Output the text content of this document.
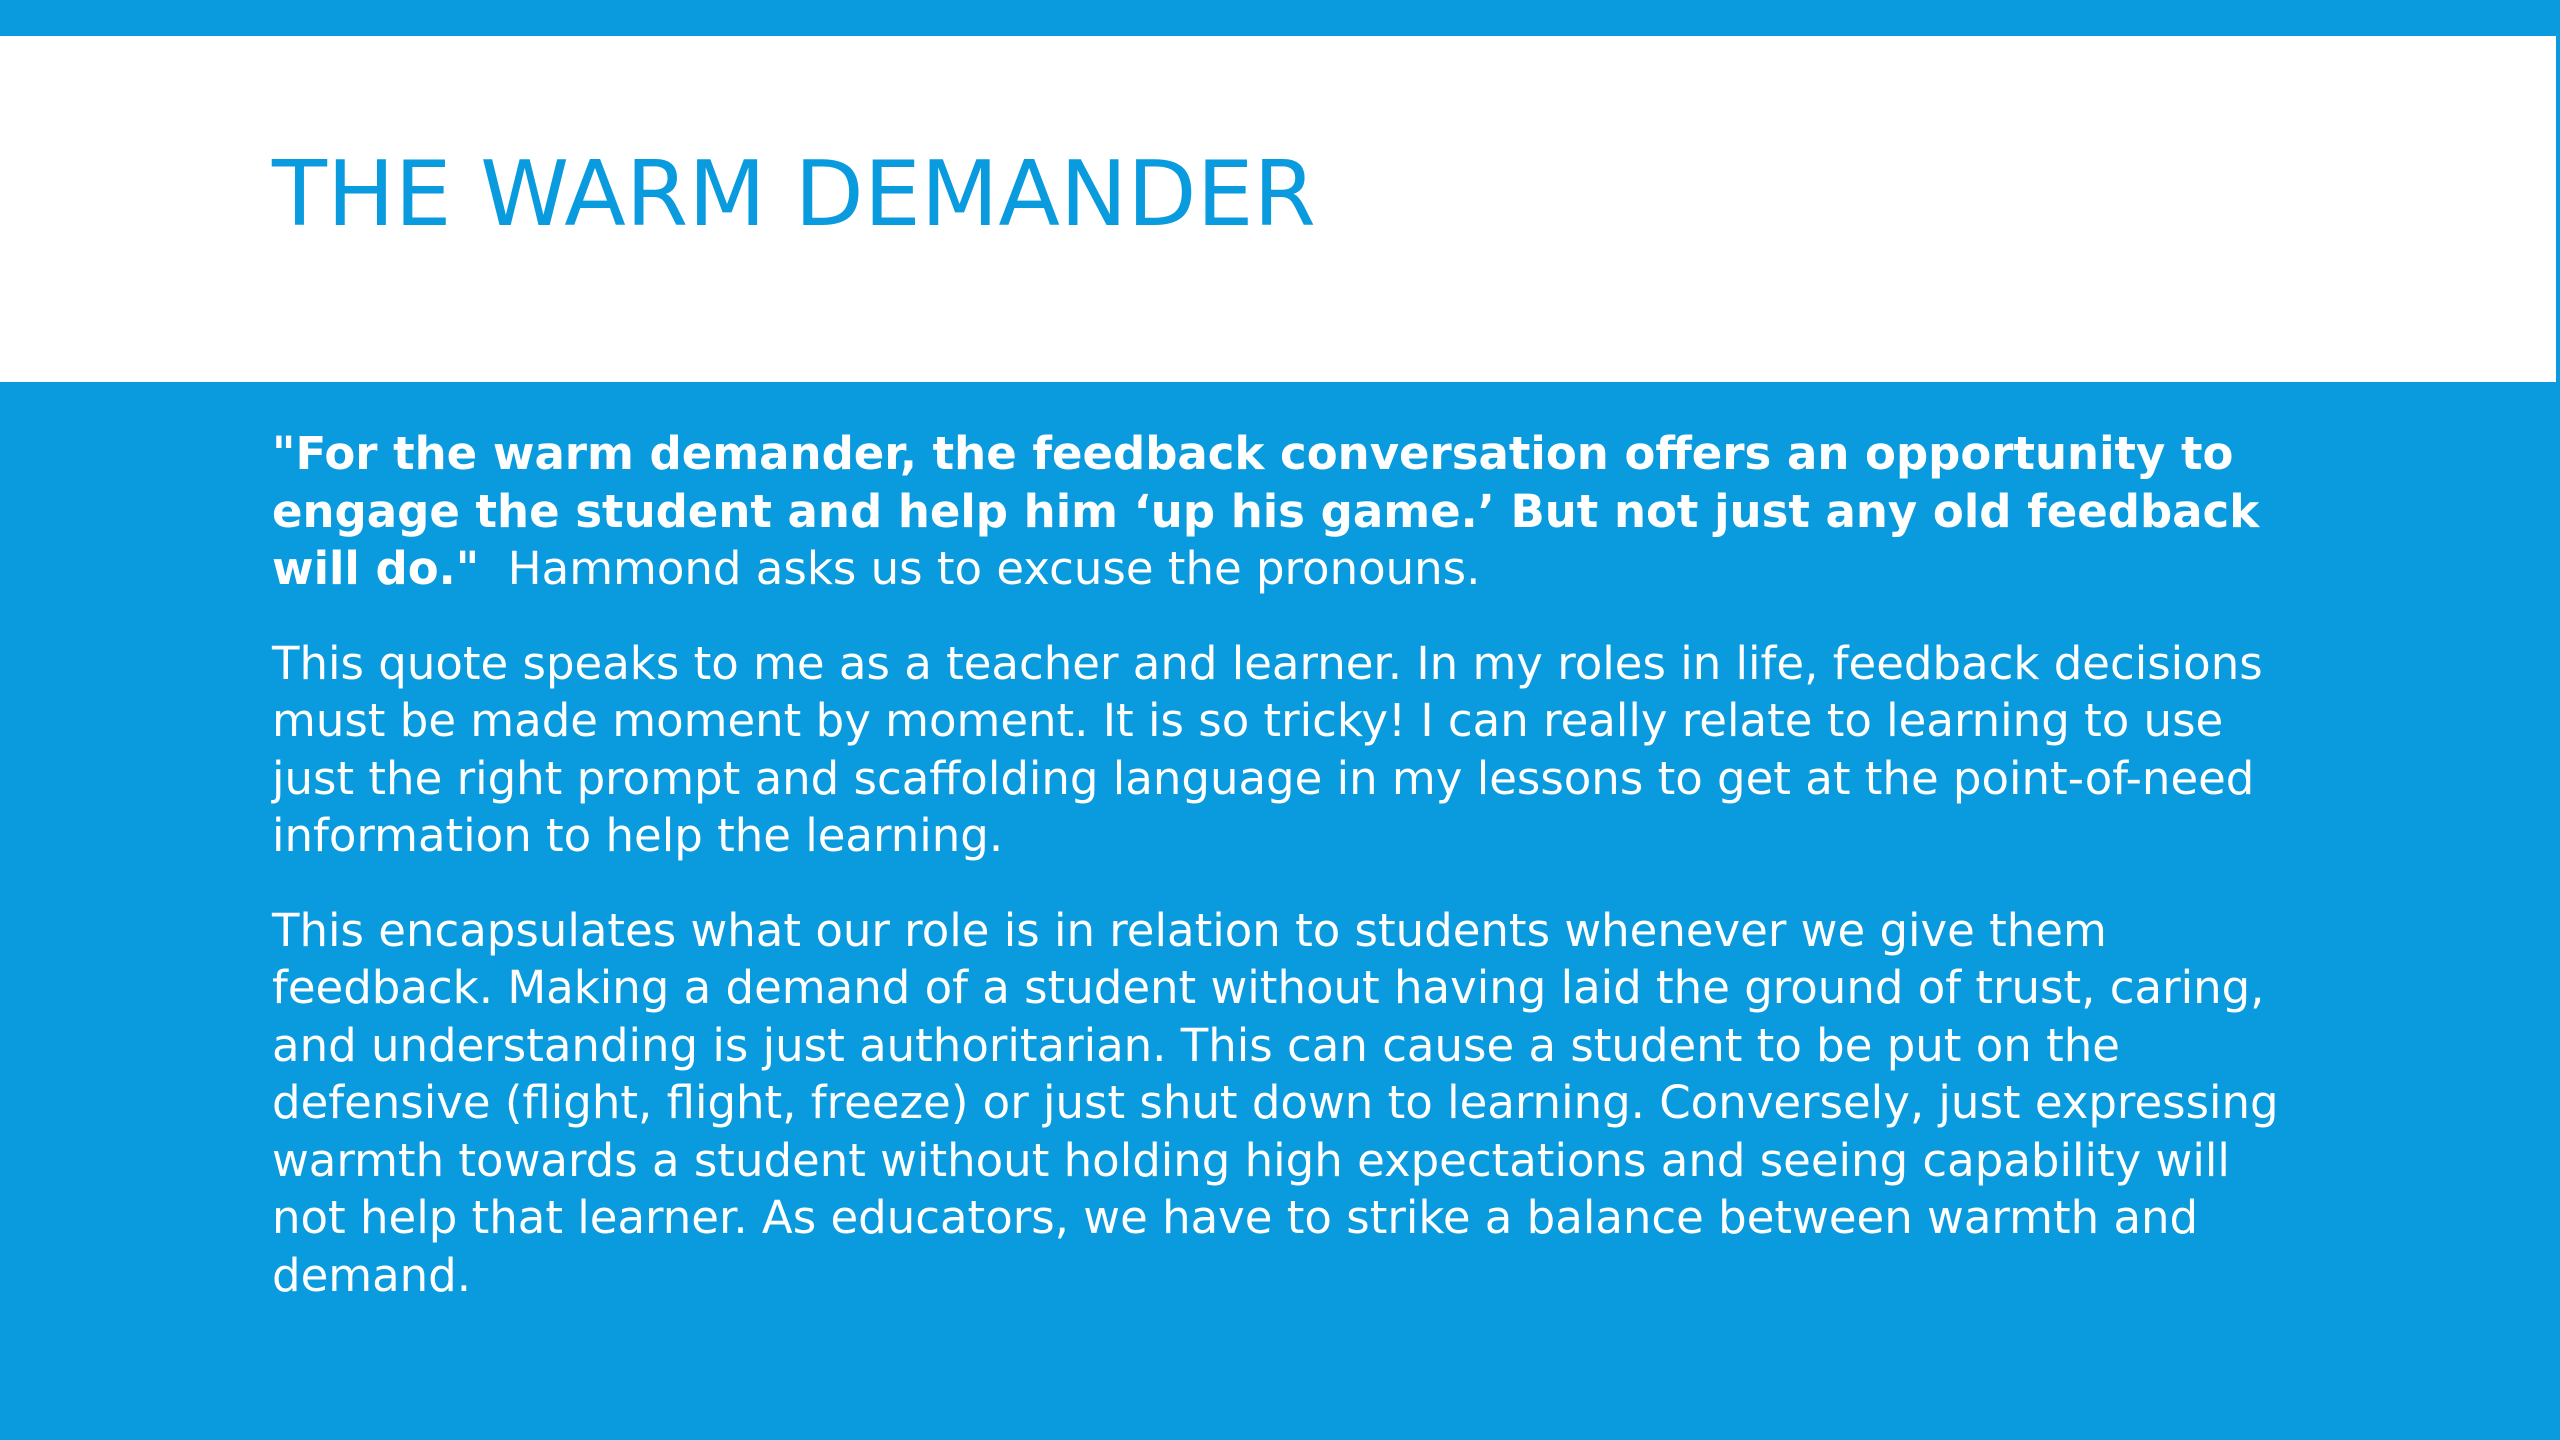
THE WARM DEMANDER

"For the warm demander, the feedback conversation offers an opportunity to engage the student and help him ‘up his game.’ But not just any old feedback will do." Hammond asks us to excuse the pronouns.

This quote speaks to me as a teacher and learner. In my roles in life, feedback decisions must be made moment by moment. It is so tricky! I can really relate to learning to use just the right prompt and scaffolding language in my lessons to get at the point-of-need information to help the learning.

This encapsulates what our role is in relation to students whenever we give them feedback. Making a demand of a student without having laid the ground of trust, caring, and understanding is just authoritarian. This can cause a student to be put on the defensive (flight, flight, freeze) or just shut down to learning. Conversely, just expressing warmth towards a student without holding high expectations and seeing capability will not help that learner. As educators, we have to strike a balance between warmth and demand.
